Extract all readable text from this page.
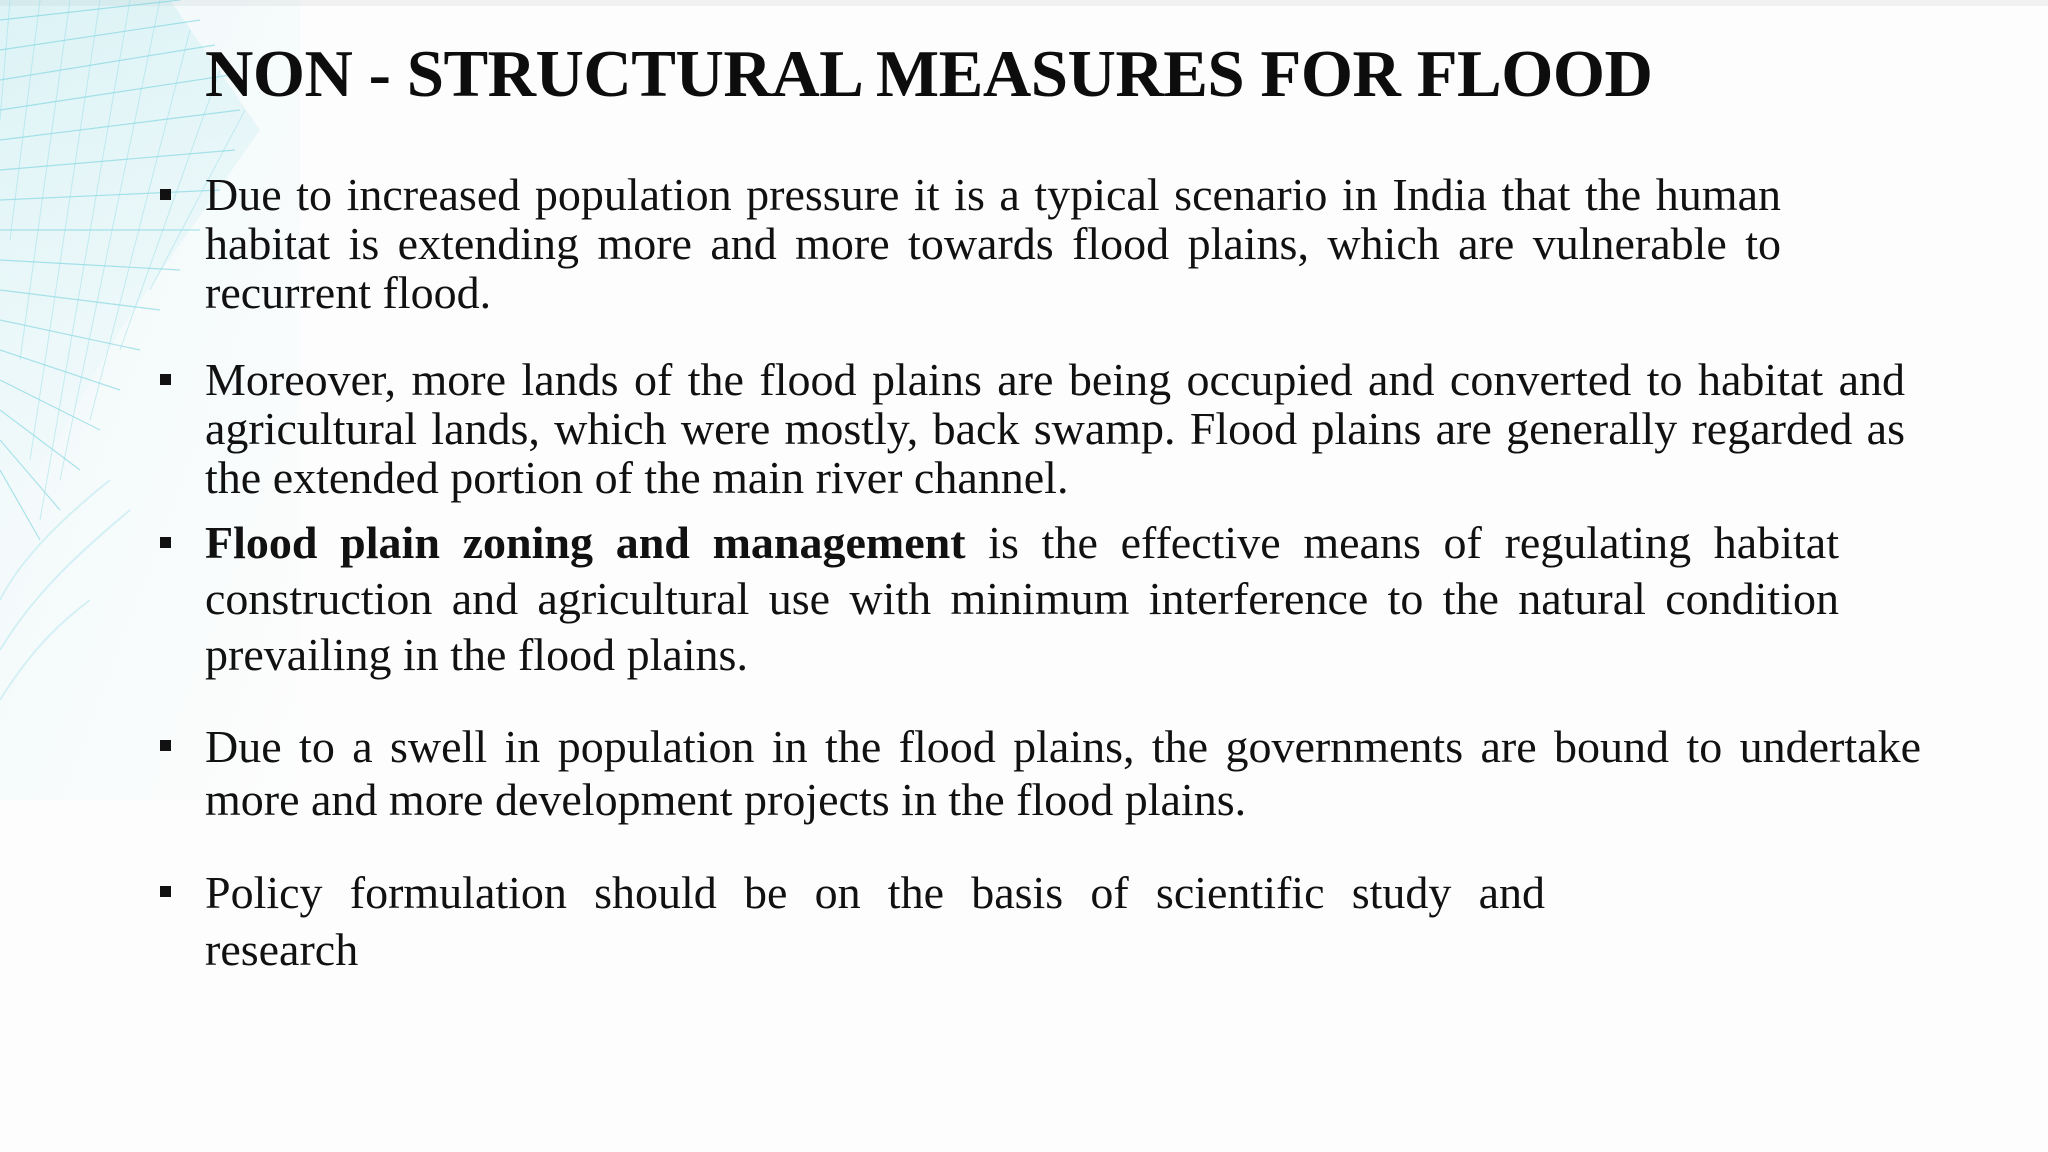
NON - STRUCTURAL MEASURES FOR FLOOD
Due to increased population pressure it is a typical scenario in India that the human habitat is extending more and more towards flood plains, which are vulnerable to recurrent flood.
Moreover, more lands of the flood plains are being occupied and converted to habitat and agricultural lands, which were mostly, back swamp. Flood plains are generally regarded as the extended portion of the main river channel.
Flood plain zoning and management is the effective means of regulating habitat construction and agricultural use with minimum interference to the natural condition prevailing in the flood plains.
Due to a swell in population in the flood plains, the governments are bound to undertake more and more development projects in the flood plains.
Policy formulation should be on the basis of scientific study and research
